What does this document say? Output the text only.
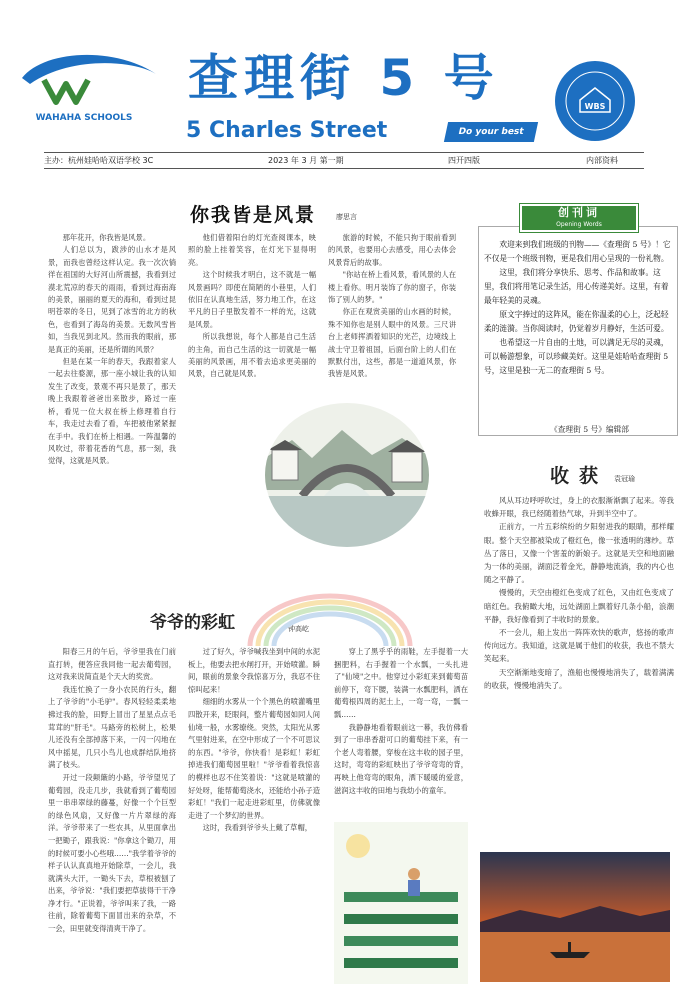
WAHAHA SCHOOLS
查理街 5 号
5 Charles Street	Do your best
WBS
主办：杭州娃哈哈双语学校 3C	2023 年 3 月 第一期	四开四版	内部资料
你我皆是风景	廖思言

那年花开，你我皆是风景。

人们总以为，跋涉的山水才是风景，而我也曾经这样认定。我一次次徜徉在祖国的大好河山所震撼，我看到过漠北荒凉的春天的雨雨，看到过海南海的美景，丽丽的夏天的海和，看到过昆明苍翠的冬日，见到了冰雪的北方的秋色，也看到了海岛的美景。无数风雪皆如，当我见到北风。然而我的眼前，那是真正的美丽，还是所谓的风景？

但是在某一年的春天，我跟着家人一起去往婺源，那一座小城让我的认知发生了改变，景观不再只是景了，那天晚上我跟着爸爸出来散步，路过一座桥，看见一位大叔在桥上修理着自行车，我走过去看了看，车把被他紧紧握在手中。我们在桥上相遇。一阵温馨的风吹过，带着花香的气息，那一刻，我觉得，这就是风景。

他们借着阳台的灯光查阅课本，映照的脸上挂着笑容，在灯光下显得明亮。

这个时候我才明白，这不就是一幅风景画吗？即使在简陋的小巷里，人们依旧在认真地生活，努力地工作，在这平凡的日子里散发着不一样的光，这就是风景。

所以我想说，每个人都是自己生活的主角，而自己生活的这一切就是一幅美丽的风景画，用不着去追求更美丽的风景，自己就是风景。

旅游的时候，不能只拘于眼前看到的风景，也要用心去感受，用心去体会风景背后的故事。

"你站在桥上看风景，看风景的人在楼上看你。明月装饰了你的窗子，你装饰了别人的梦。"

你正在观赏美丽的山水画的时候，殊不知你也是别人眼中的风景。三尺讲台上老师挥洒着知识的光芒，边境线上战士守卫着祖国，后面台阶上的人们在默默付出，这些，都是一道道风景，你我皆是风景。

创刊词
Opening Words

欢迎来到我们班级的刊物——《查理街 5 号》！它不仅是一个班级刊物，更是我们用心呈现的一份礼物。

这里，我们将分享快乐、思考、作品和故事。这里，我们将用笔记录生活，用心传递美好。这里，有着最年轻美的灵魂。

原文字捧过的这阵风，能在你温柔的心上，泛起轻柔的涟漪。当你阅读时，仍觉着岁月静好，生活可爱。

也希望这一片自由的土地，可以满足无尽的灵魂，可以畅游想象，可以珍藏美好。这里是娃哈哈查理街 5 号，这里是独一无二的查理街 5 号。

《查理街 5 号》编辑部
收获 袁冠瑜

风从耳边呼呼吹过，身上的衣服渐渐飘了起来。等我收蜂开眼，我已经随着热气球，升到半空中了。

正前方，一片五彩缤纷的夕阳射进我的眼睛，那样耀眼。整个天空都被染成了橙红色，像一张透明的薄纱。草丛了落日，又像一个害羞的新娘子。这就是天空和地面融为一体的美丽，湖面泛着金光，静静地流淌，我的内心也随之平静了。

慢慢的，天空由橙红色变成了红色，又由红色变成了暗红色。我俯瞰大地，远处湖面上飘着好几条小船，浪潮平静，我好像看到了丰收时的景象。

不一会儿，船上发出一阵阵欢快的歌声，悠扬的歌声传向远方。我知道，这就是属于他们的收获，我也不禁大笑起来。

天空渐渐地变暗了，渔船也慢慢地消失了，载着满满的收获，慢慢地消失了。

爷爷的彩虹	钟高屹

阳春三月的午后，爷爷里我在门前直打转，便答应我同他一起去葡萄园，这对我来说简直是个天大的奖赏。

我连忙换了一身小农民的行头，翻上了爷爷的"小毛驴"。春风轻轻柔柔地拂过我的脸，田野上冒出了星星点点毛茸茸的"肝毛"。马路旁的松树上，松果儿还没有全部掉落下来，一闪一闪地在风中摇晃，几只小鸟儿也成群结队地挤满了枝头。

开过一段颠簸的小路，爷爷望见了葡萄园，没走几步，我就看到了葡萄园里一串串翠绿的藤蔓，好像一个个巨型的绿色风扇，又好像一片片翠绿的海洋。爷爷带来了一些农具，从里面拿出一把锄子，跟我说："你拿这个锄刀，用的时候可要小心些哦……"我学着爷爷的样子认认真真地开始除草，一会儿，我就满头大汗，一锄头下去，草根被刨了出来，爷爷说："我们要把草拔得干干净净才行。"正说着，爷爷叫来了我，一路往前，除着葡萄下面冒出来的杂草，不一会，田里就变得清爽干净了。

过了好久，爷爷喊我坐到中间的水泥板上，他要去把水闸打开，开始喷灌。瞬间，眼前的景象令我惊喜万分，我忍不住惊叫起来！

细细的水雾从一个个黑色的喷灌嘴里四散开来，眨眼间，整片葡萄园如同人间仙境一般，水雾缭绕。突然，太阳光从雾气里射进来，在空中形成了一个不可思议的东西。"爷爷，你快看！是彩虹！彩虹掉进我们葡萄园里啦！"爷爷看着我惊喜的模样也忍不住笑着说："这就是喷灌的好处呀，能帮葡萄浇水，还能给小孙子造彩虹！"我们一起走进彩虹里，仿佛就像走进了一个梦幻的世界。

这时，我看到爷爷头上戴了草帽，

穿上了黑乎乎的雨鞋，左手提着一大捆肥料，右手握着一个水瓢，一头扎进了"仙境"之中。他穿过小彩虹来到葡萄苗前停下，弯下腰，装满一水瓢肥料，洒在葡萄根四周的泥土上，一弯一弯，一瓢一瓢……

我静静地看着眼前这一幕，我仿佛看到了一串串香甜可口的葡萄挂下来，有一个老人弯着腰，穿梭在这丰收的园子里，这时，弯弯的彩虹映出了爷爷弯弯的背，再映上他弯弯的眼角，洒下暖暖的爱意，滋润这丰收的田地与我幼小的童年。
